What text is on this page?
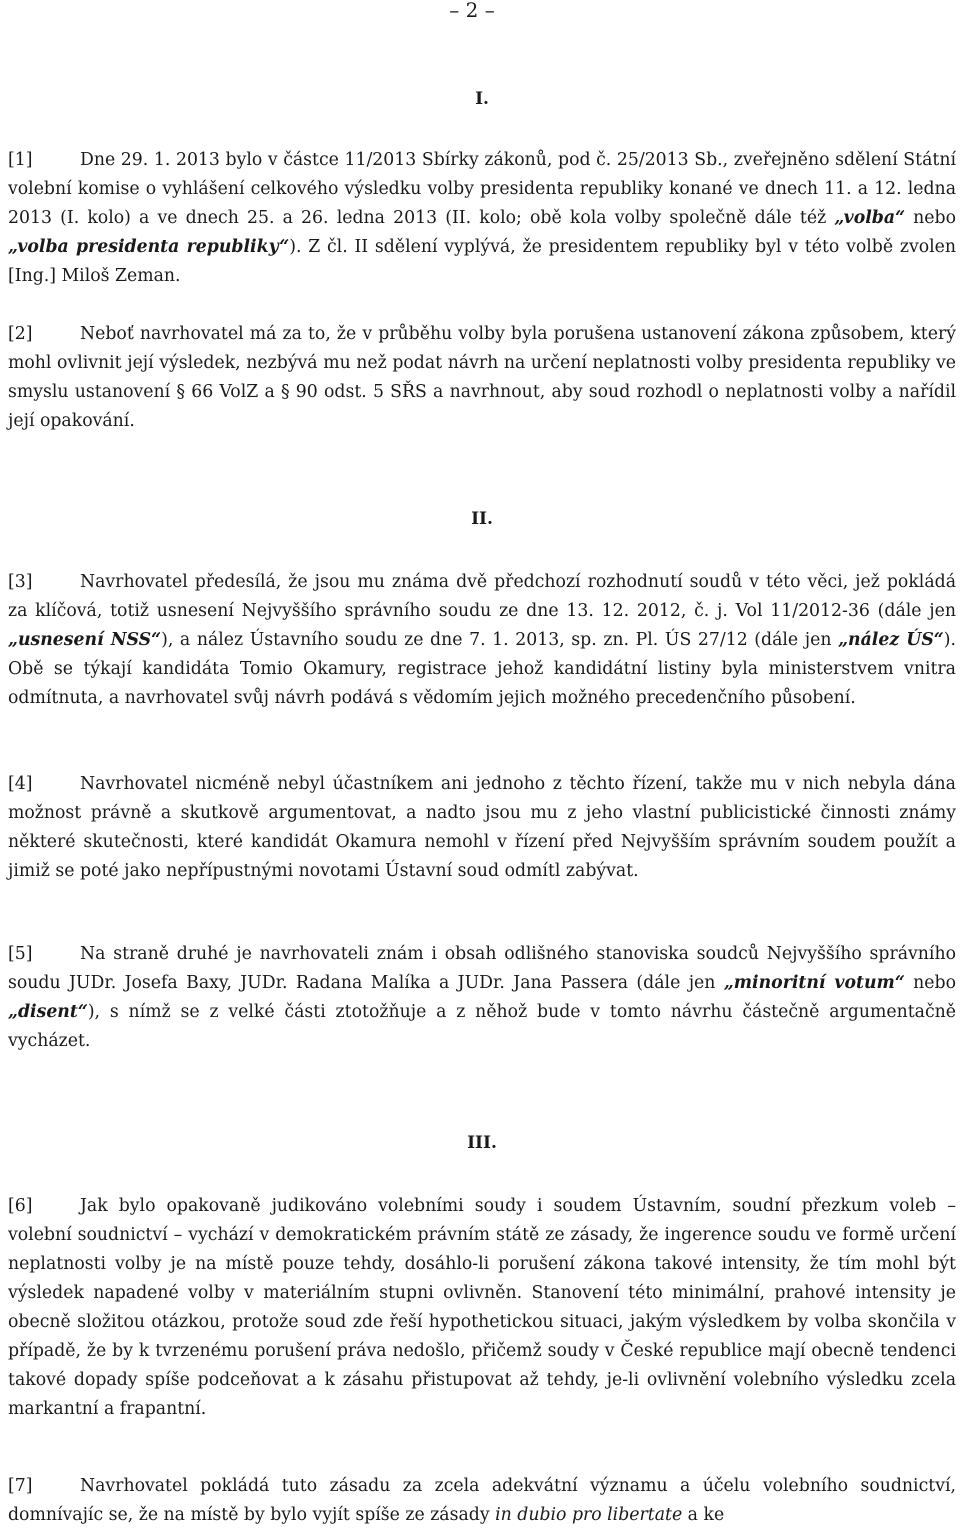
– 2 –
I.

[1]	Dne 29. 1. 2013 bylo v částce 11/2013 Sbírky zákonů, pod č. 25/2013 Sb., zveřejněno sdělení Státní volební komise o vyhlášení celkového výsledku volby presidenta republiky konané ve dnech 11. a 12. ledna 2013 (I. kolo) a ve dnech 25. a 26. ledna 2013 (II. kolo; obě kola volby společně dále též „volba“ nebo „volba presidenta republiky“). Z čl. II sdělení vyplývá, že presidentem republiky byl v této volbě zvolen [Ing.] Miloš Zeman.

[2]	Neboť navrhovatel má za to, že v průběhu volby byla porušena ustanovení zákona způsobem, který mohl ovlivnit její výsledek, nezbývá mu než podat návrh na určení neplatnosti volby presidenta republiky ve smyslu ustanovení § 66 VolZ a § 90 odst. 5 SŘS a navrhnout, aby soud rozhodl o neplatnosti volby a nařídil její opakování.

II.

[3]	Navrhovatel předesílá, že jsou mu známa dvě předchozí rozhodnutí soudů v této věci, jež pokládá za klíčová, totiž usnesení Nejvyššího správního soudu ze dne 13. 12. 2012, č. j. Vol 11/2012-36 (dále jen „usnesení NSS“), a nález Ústavního soudu ze dne 7. 1. 2013, sp. zn. Pl. ÚS 27/12 (dále jen „nález ÚS“). Obě se týkají kandidáta Tomio Okamury, registrace jehož kandidátní listiny byla ministerstvem vnitra odmítnuta, a navrhovatel svůj návrh podává s vědomím jejich možného precedenčního působení.

[4]	Navrhovatel nicméně nebyl účastníkem ani jednoho z těchto řízení, takže mu v nich nebyla dána možnost právně a skutkově argumentovat, a nadto jsou mu z jeho vlastní publicistické činnosti známy některé skutečnosti, které kandidát Okamura nemohl v řízení před Nejvyšším správním soudem použít a jimiž se poté jako nepřípustnými novotami Ústavní soud odmítl zabývat.

[5]	Na straně druhé je navrhovateli znám i obsah odlišného stanoviska soudců Nejvyššího správního soudu JUDr. Josefa Baxy, JUDr. Radana Malíka a JUDr. Jana Passera (dále jen „minoritní votum“ nebo „disent“), s nímž se z velké části ztotožňuje a z něhož bude v tomto návrhu částečně argumentačně vycházet.

III.

[6]	Jak bylo opakovaně judikováno volebními soudy i soudem Ústavním, soudní přezkum voleb – volební soudnictví – vychází v demokratickém právním státě ze zásady, že ingerence soudu ve formě určení neplatnosti volby je na místě pouze tehdy, dosáhlo-li porušení zákona takové intensity, že tím mohl být výsledek napadené volby v materiálním stupni ovlivněn. Stanovení této minimální, prahové intensity je obecně složitou otázkou, protože soud zde řeší hypothetickou situaci, jakým výsledkem by volba skončila v případě, že by k tvrzenému porušení práva nedošlo, přičemž soudy v České republice mají obecně tendenci takové dopady spíše podceňovat a k zásahu přistupovat až tehdy, je-li ovlivnění volebního výsledku zcela markantní a frapantní.

[7]	Navrhovatel pokládá tuto zásadu za zcela adekvátní významu a účelu volebního soudnictví, domnívajíc se, že na místě by bylo vyjít spíše ze zásady in dubio pro libertate a ke
